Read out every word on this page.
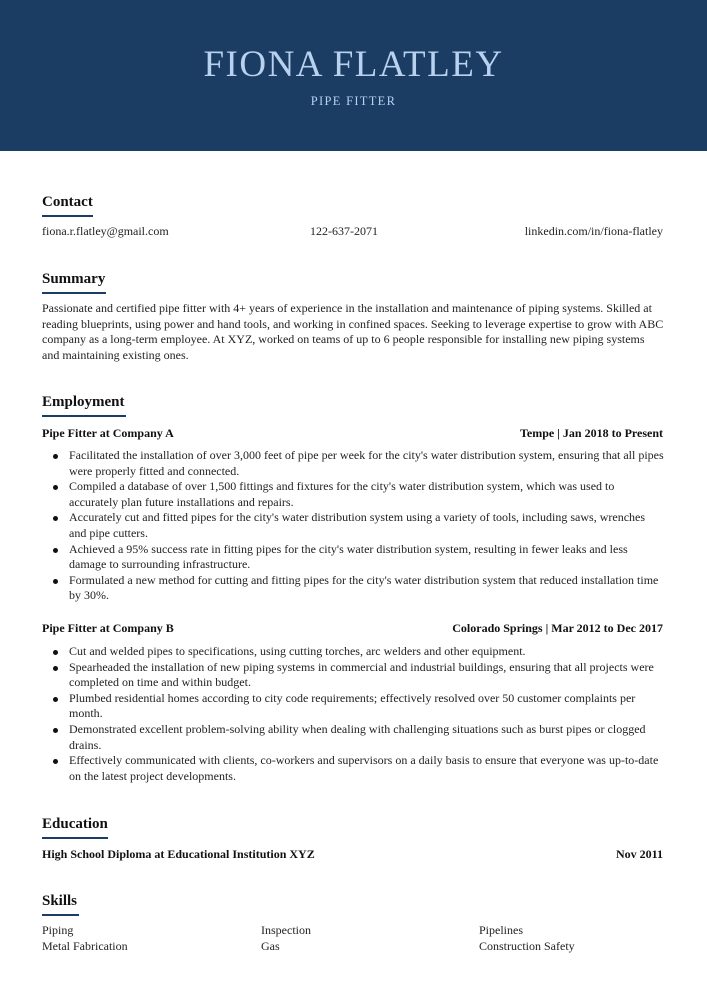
FIONA FLATLEY
PIPE FITTER
Contact
fiona.r.flatley@gmail.com	122-637-2071	linkedin.com/in/fiona-flatley
Summary
Passionate and certified pipe fitter with 4+ years of experience in the installation and maintenance of piping systems. Skilled at reading blueprints, using power and hand tools, and working in confined spaces. Seeking to leverage expertise to grow with ABC company as a long-term employee. At XYZ, worked on teams of up to 6 people responsible for installing new piping systems and maintaining existing ones.
Employment
Pipe Fitter at Company A	Tempe | Jan 2018 to Present
Facilitated the installation of over 3,000 feet of pipe per week for the city's water distribution system, ensuring that all pipes were properly fitted and connected.
Compiled a database of over 1,500 fittings and fixtures for the city's water distribution system, which was used to accurately plan future installations and repairs.
Accurately cut and fitted pipes for the city's water distribution system using a variety of tools, including saws, wrenches and pipe cutters.
Achieved a 95% success rate in fitting pipes for the city's water distribution system, resulting in fewer leaks and less damage to surrounding infrastructure.
Formulated a new method for cutting and fitting pipes for the city's water distribution system that reduced installation time by 30%.
Pipe Fitter at Company B	Colorado Springs | Mar 2012 to Dec 2017
Cut and welded pipes to specifications, using cutting torches, arc welders and other equipment.
Spearheaded the installation of new piping systems in commercial and industrial buildings, ensuring that all projects were completed on time and within budget.
Plumbed residential homes according to city code requirements; effectively resolved over 50 customer complaints per month.
Demonstrated excellent problem-solving ability when dealing with challenging situations such as burst pipes or clogged drains.
Effectively communicated with clients, co-workers and supervisors on a daily basis to ensure that everyone was up-to-date on the latest project developments.
Education
High School Diploma at Educational Institution XYZ	Nov 2011
Skills
Piping	Inspection	Pipelines
Metal Fabrication	Gas	Construction Safety
